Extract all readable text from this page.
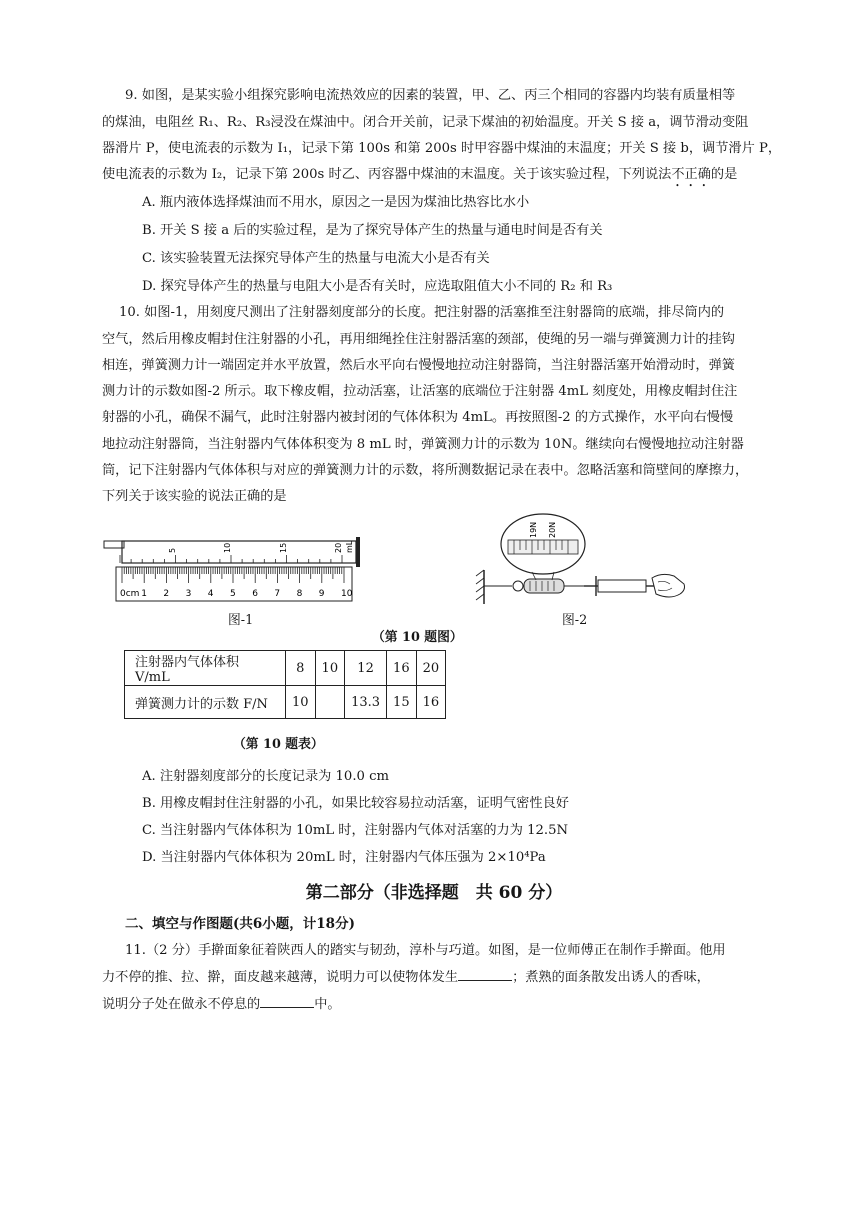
9. 如图，是某实验小组探究影响电流热效应的因素的装置，甲、乙、丙三个相同的容器内均装有质量相等
的煤油，电阻丝 R₁、R₂、R₃浸没在煤油中。闭合开关前，记录下煤油的初始温度。开关 S 接 a，调节滑动变阻
器滑片 P，使电流表的示数为 I₁，记录下第 100s 和第 200s 时甲容器中煤油的末温度；开关 S 接 b，调节滑片 P，
使电流表的示数为 I₂，记录下第 200s 时乙、丙容器中煤油的末温度。关于该实验过程，下列说法不正确的是
A. 瓶内液体选择煤油而不用水，原因之一是因为煤油比热容比水小
B. 开关 S 接 a 后的实验过程，是为了探究导体产生的热量与通电时间是否有关
C. 该实验装置无法探究导体产生的热量与电流大小是否有关
D. 探究导体产生的热量与电阻大小是否有关时，应选取阻值大小不同的 R₂ 和 R₃
10. 如图-1，用刻度尺测出了注射器刻度部分的长度。把注射器的活塞推至注射器筒的底端，排尽筒内的
空气，然后用橡皮帽封住注射器的小孔，再用细绳拴住注射器活塞的颈部，使绳的另一端与弹簧测力计的挂钩
相连，弹簧测力计一端固定并水平放置，然后水平向右慢慢地拉动注射器筒，当注射器活塞开始滑动时，弹簧
测力计的示数如图-2 所示。取下橡皮帽，拉动活塞，让活塞的底端位于注射器 4mL 刻度处，用橡皮帽封住注
射器的小孔，确保不漏气，此时注射器内被封闭的气体体积为 4mL。再按照图-2 的方式操作，水平向右慢慢
地拉动注射器筒，当注射器内气体体积变为 8 mL 时，弹簧测力计的示数为 10N。继续向右慢慢地拉动注射器
筒，记下注射器内气体体积与对应的弹簧测力计的示数，将所测数据记录在表中。忽略活塞和筒壁间的摩擦力，
下列关于该实验的说法正确的是
5	10	15	20 mL
0cm 1 2 3 4 5 6 7 8 9 10
图-1
19N 20N
图-2
（第 10 题图）
注射器内气体体积 V/mL	8	10	12	16	20
弹簧测力计的示数 F/N	10		13.3	15	16
（第 10 题表）
A. 注射器刻度部分的长度记录为 10.0 cm
B. 用橡皮帽封住注射器的小孔，如果比较容易拉动活塞，证明气密性良好
C. 当注射器内气体体积为 10mL 时，注射器内气体对活塞的力为 12.5N
D. 当注射器内气体体积为 20mL 时，注射器内气体压强为 2×10⁴Pa
第二部分（非选择题　共 60 分）
二、填空与作图题(共6小题，计18分)
11.（2 分）手擀面象征着陕西人的踏实与韧劲，淳朴与巧道。如图，是一位师傅正在制作手擀面。他用
力不停的推、拉、擀，面皮越来越薄，说明力可以使物体发生	；煮熟的面条散发出诱人的香味，
说明分子处在做永不停息的	中。
